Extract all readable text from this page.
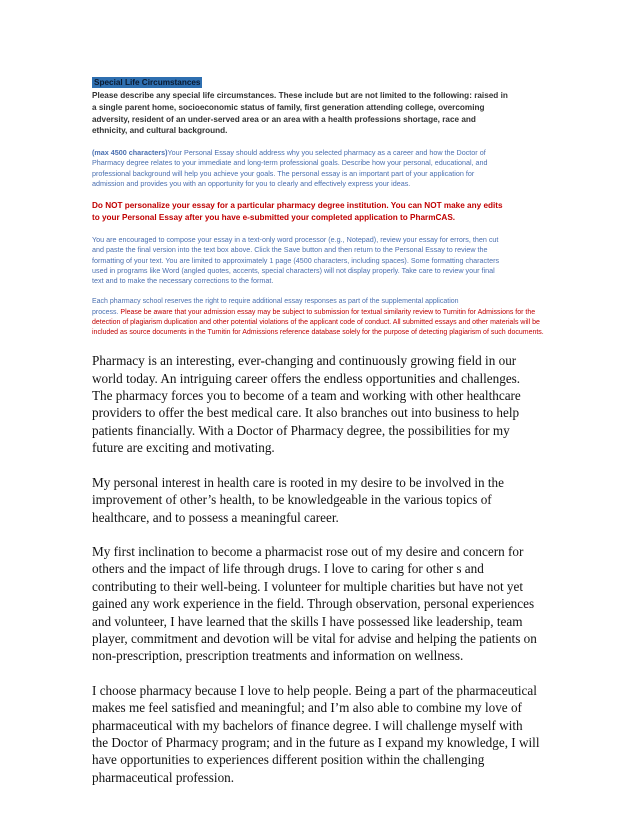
Special Life Circumstances

Please describe any special life circumstances. These include but are not limited to the following: raised in
a single parent home, socioeconomic status of family, first generation attending college, overcoming
adversity, resident of an under-served area or an area with a health professions shortage, race and
ethnicity, and cultural background.

(max 4500 characters)Your Personal Essay should address why you selected pharmacy as a career and how the Doctor of
Pharmacy degree relates to your immediate and long-term professional goals. Describe how your personal, educational, and
professional background will help you achieve your goals. The personal essay is an important part of your application for
admission and provides you with an opportunity for you to clearly and effectively express your ideas.

Do NOT personalize your essay for a particular pharmacy degree institution. You can NOT make any edits
to your Personal Essay after you have e-submitted your completed application to PharmCAS.

You are encouraged to compose your essay in a text-only word processor (e.g., Notepad), review your essay for errors, then cut
and paste the final version into the text box above. Click the Save button and then return to the Personal Essay to review the
formatting of your text. You are limited to approximately 1 page (4500 characters, including spaces). Some formatting characters
used in programs like Word (angled quotes, accents, special characters) will not display properly. Take care to review your final
text and to make the necessary corrections to the format.

Each pharmacy school reserves the right to require additional essay responses as part of the supplemental application
process. Please be aware that your admission essay may be subject to submission for textual similarity review to Turnitin for Admissions for the detection of plagiarism duplication and other potential violations of the applicant code of conduct. All submitted essays and other materials will be included as source documents in the Turnitin for Admissions reference database solely for the purpose of detecting plagiarism of such documents.

Pharmacy is an interesting, ever-changing and continuously growing field in our
world today. An intriguing career offers the endless opportunities and challenges.
The pharmacy forces you to become of a team and working with other healthcare
providers to offer the best medical care. It also branches out into business to help
patients financially. With a Doctor of Pharmacy degree, the possibilities for my
future are exciting and motivating.

My personal interest in health care is rooted in my desire to be involved in the
improvement of other’s health, to be knowledgeable in the various topics of
healthcare, and to possess a meaningful career.

My first inclination to become a pharmacist rose out of my desire and concern for
others and the impact of life through drugs. I love to caring for other s and
contributing to their well-being. I volunteer for multiple charities but have not yet
gained any work experience in the field. Through observation, personal experiences
and volunteer, I have learned that the skills I have possessed like leadership, team
player, commitment and devotion will be vital for advise and helping the patients on
non-prescription, prescription treatments and information on wellness.

I choose pharmacy because I love to help people. Being a part of the pharmaceutical
makes me feel satisfied and meaningful; and I’m also able to combine my love of
pharmaceutical with my bachelors of finance degree. I will challenge myself with
the Doctor of Pharmacy program; and in the future as I expand my knowledge, I will
have opportunities to experiences different position within the challenging
pharmaceutical profession.
